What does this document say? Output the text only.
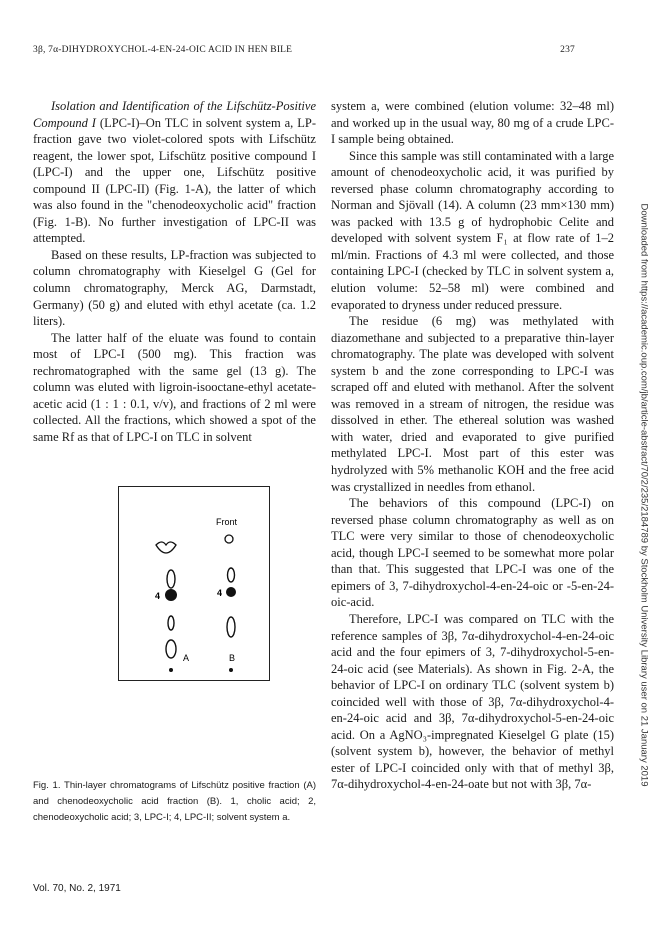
3β, 7α-DIHYDROXYCHOL-4-EN-24-OIC ACID IN HEN BILE	237

Isolation and Identification of the Lifschütz-Positive Compound I (LPC-I)–On TLC in solvent system a, LP-fraction gave two violet-colored spots with Lifschütz reagent, the lower spot, Lifschütz positive compound I (LPC-I) and the upper one, Lifschütz positive compound II (LPC-II) (Fig. 1-A), the latter of which was also found in the "chenodeoxycholic acid" fraction (Fig. 1-B). No further investigation of LPC-II was attempted.

Based on these results, LP-fraction was subjected to column chromatography with Kieselgel G (Gel for column chromatography, Merck AG, Darmstadt, Germany) (50 g) and eluted with ethyl acetate (ca. 1.2 liters).

The latter half of the eluate was found to contain most of LPC-I (500 mg). This fraction was rechromatographed with the same gel (13 g). The column was eluted with ligroin-isooctane-ethyl acetate-acetic acid (1 : 1 : 0.1, v/v), and fractions of 2 ml were collected. All the fractions, which showed a spot of the same Rf as that of LPC-I on TLC in solvent

Front
4	4
A	B
Fig. 1. Thin-layer chromatograms of Lifschütz positive fraction (A) and chenodeoxycholic acid fraction (B). 1, cholic acid; 2, chenodeoxycholic acid; 3, LPC-I; 4, LPC-II; solvent system a.

system a, were combined (elution volume: 32–48 ml) and worked up in the usual way, 80 mg of a crude LPC-I sample being obtained.

Since this sample was still contaminated with a large amount of chenodeoxycholic acid, it was purified by reversed phase column chromatography according to Norman and Sjövall (14). A column (23 mm×130 mm) was packed with 13.5 g of hydrophobic Celite and developed with solvent system F₁ at flow rate of 1–2 ml/min. Fractions of 4.3 ml were collected, and those containing LPC-I (checked by TLC in solvent system a, elution volume: 52–58 ml) were combined and evaporated to dryness under reduced pressure.

The residue (6 mg) was methylated with diazomethane and subjected to a preparative thin-layer chromatography. The plate was developed with solvent system b and the zone corresponding to LPC-I was scraped off and eluted with methanol. After the solvent was removed in a stream of nitrogen, the residue was dissolved in ether. The ethereal solution was washed with water, dried and evaporated to give purified methylated LPC-I. Most part of this ester was hydrolyzed with 5% methanolic KOH and the free acid was crystallized in needles from ethanol.

The behaviors of this compound (LPC-I) on reversed phase column chromatography as well as on TLC were very similar to those of chenodeoxycholic acid, though LPC-I seemed to be somewhat more polar than that. This suggested that LPC-I was one of the epimers of 3, 7-dihydroxychol-4-en-24-oic or -5-en-24-oic-acid.

Therefore, LPC-I was compared on TLC with the reference samples of 3β, 7α-dihydroxychol-4-en-24-oic acid and the four epimers of 3, 7-dihydroxychol-5-en-24-oic acid (see Materials). As shown in Fig. 2-A, the behavior of LPC-I on ordinary TLC (solvent system b) coincided well with those of 3β, 7α-dihydroxychol-4-en-24-oic acid and 3β, 7α-dihydroxychol-5-en-24-oic acid. On a AgNO₃-impregnated Kieselgel G plate (15) (solvent system b), however, the behavior of methyl ester of LPC-I coincided only with that of methyl 3β, 7α-dihydroxychol-4-en-24-oate but not with 3β, 7α-

Vol. 70, No. 2, 1971
Downloaded from https://academic.oup.com/jb/article-abstract/70/2/235/2184789 by Stockholm University Library user on 21 January 2019
